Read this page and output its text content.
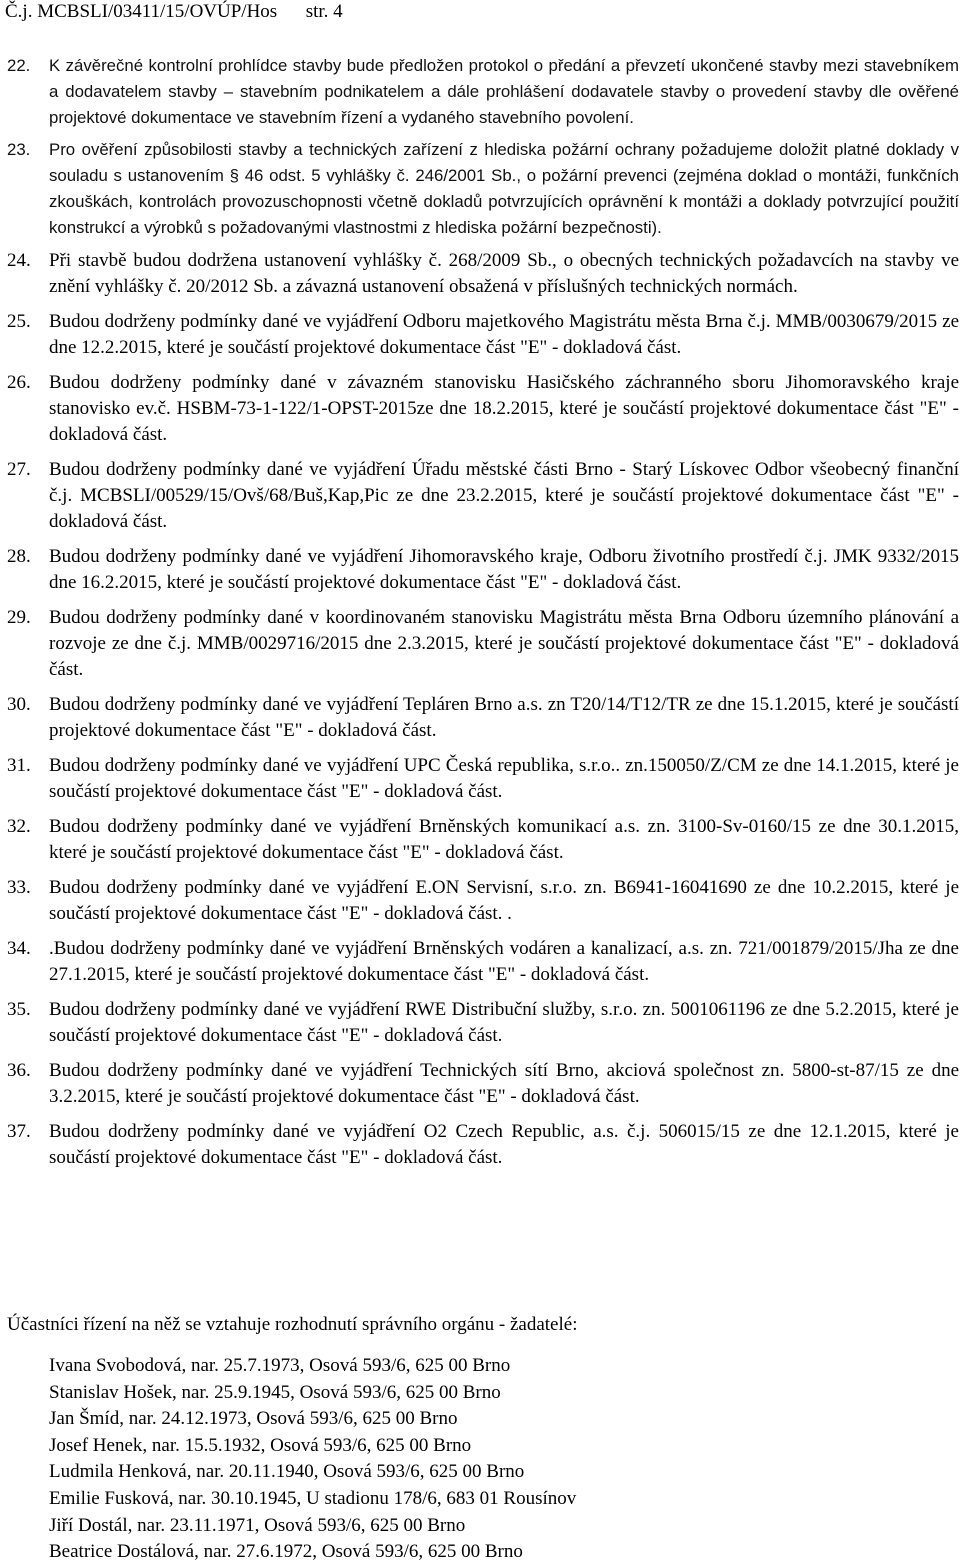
Č.j. MCBSLI/03411/15/OVÚP/Hos str. 4
22.	K závěrečné kontrolní prohlídce stavby bude předložen protokol o předání a převzetí ukončené stavby mezi stavebníkem a dodavatelem stavby – stavebním podnikatelem a dále prohlášení dodavatele stavby o provedení stavby dle ověřené projektové dokumentace ve stavebním řízení a vydaného stavebního povolení.
23.	Pro ověření způsobilosti stavby a technických zařízení z hlediska požární ochrany požadujeme doložit platné doklady v souladu s ustanovením § 46 odst. 5 vyhlášky č. 246/2001 Sb., o požární prevenci (zejména doklad o montáži, funkčních zkouškách, kontrolách provozuschopnosti včetně dokladů potvrzujících oprávnění k montáži a doklady potvrzující použití konstrukcí a výrobků s požadovanými vlastnostmi z hlediska požární bezpečnosti).
24. Při stavbě budou dodržena ustanovení vyhlášky č. 268/2009 Sb., o obecných technických požadavcích na stavby ve znění vyhlášky č. 20/2012 Sb. a závazná ustanovení obsažená v příslušných technických normách.
25. Budou dodrženy podmínky dané ve vyjádření Odboru majetkového Magistrátu města Brna č.j. MMB/0030679/2015 ze dne 12.2.2015, které je součástí projektové dokumentace část "E" - dokladová část.
26. Budou dodrženy podmínky dané v závazném stanovisku Hasičského záchranného sboru Jihomoravského kraje stanovisko ev.č. HSBM-73-1-122/1-OPST-2015ze dne 18.2.2015, které je součástí projektové dokumentace část "E" - dokladová část.
27. Budou dodrženy podmínky dané ve vyjádření Úřadu městské části Brno - Starý Lískovec Odbor všeobecný finanční č.j. MCBSLI/00529/15/Ovš/68/Buš,Kap,Pic ze dne 23.2.2015, které je součástí projektové dokumentace část "E" - dokladová část.
28. Budou dodrženy podmínky dané ve vyjádření Jihomoravského kraje, Odboru životního prostředí č.j. JMK 9332/2015 dne 16.2.2015, které je součástí projektové dokumentace část "E" - dokladová část.
29. Budou dodrženy podmínky dané v koordinovaném stanovisku Magistrátu města Brna Odboru územního plánování a rozvoje ze dne č.j. MMB/0029716/2015 dne 2.3.2015, které je součástí projektové dokumentace část "E" - dokladová část.
30. Budou dodrženy podmínky dané ve vyjádření Tepláren Brno a.s. zn T20/14/T12/TR ze dne 15.1.2015, které je součástí projektové dokumentace část "E" - dokladová část.
31. Budou dodrženy podmínky dané ve vyjádření UPC Česká republika, s.r.o.. zn.150050/Z/CM ze dne 14.1.2015, které je součástí projektové dokumentace část "E" - dokladová část.
32. Budou dodrženy podmínky dané ve vyjádření Brněnských komunikací a.s. zn. 3100-Sv-0160/15 ze dne 30.1.2015, které je součástí projektové dokumentace část "E" - dokladová část.
33. Budou dodrženy podmínky dané ve vyjádření E.ON Servisní, s.r.o. zn. B6941-16041690 ze dne 10.2.2015, které je součástí projektové dokumentace část "E" - dokladová část. .
34. .Budou dodrženy podmínky dané ve vyjádření Brněnských vodáren a kanalizací, a.s. zn. 721/001879/2015/Jha ze dne 27.1.2015, které je součástí projektové dokumentace část "E" - dokladová část.
35. Budou dodrženy podmínky dané ve vyjádření RWE Distribuční služby, s.r.o. zn. 5001061196 ze dne 5.2.2015, které je součástí projektové dokumentace část "E" - dokladová část.
36. Budou dodrženy podmínky dané ve vyjádření Technických sítí Brno, akciová společnost zn. 5800-st-87/15 ze dne 3.2.2015, které je součástí projektové dokumentace část "E" - dokladová část.
37. Budou dodrženy podmínky dané ve vyjádření O2 Czech Republic, a.s. č.j. 506015/15 ze dne 12.1.2015, které je součástí projektové dokumentace část "E" - dokladová část.
Účastníci řízení na něž se vztahuje rozhodnutí správního orgánu - žadatelé:
Ivana Svobodová, nar. 25.7.1973, Osová 593/6, 625 00 Brno
Stanislav Hošek, nar. 25.9.1945, Osová 593/6, 625 00 Brno
Jan Šmíd, nar. 24.12.1973, Osová 593/6, 625 00 Brno
Josef Henek, nar. 15.5.1932, Osová 593/6, 625 00 Brno
Ludmila Henková, nar. 20.11.1940, Osová 593/6, 625 00 Brno
Emilie Fusková, nar. 30.10.1945, U stadionu 178/6, 683 01 Rousínov
Jiří Dostál, nar. 23.11.1971, Osová 593/6, 625 00 Brno
Beatrice Dostálová, nar. 27.6.1972, Osová 593/6, 625 00 Brno
